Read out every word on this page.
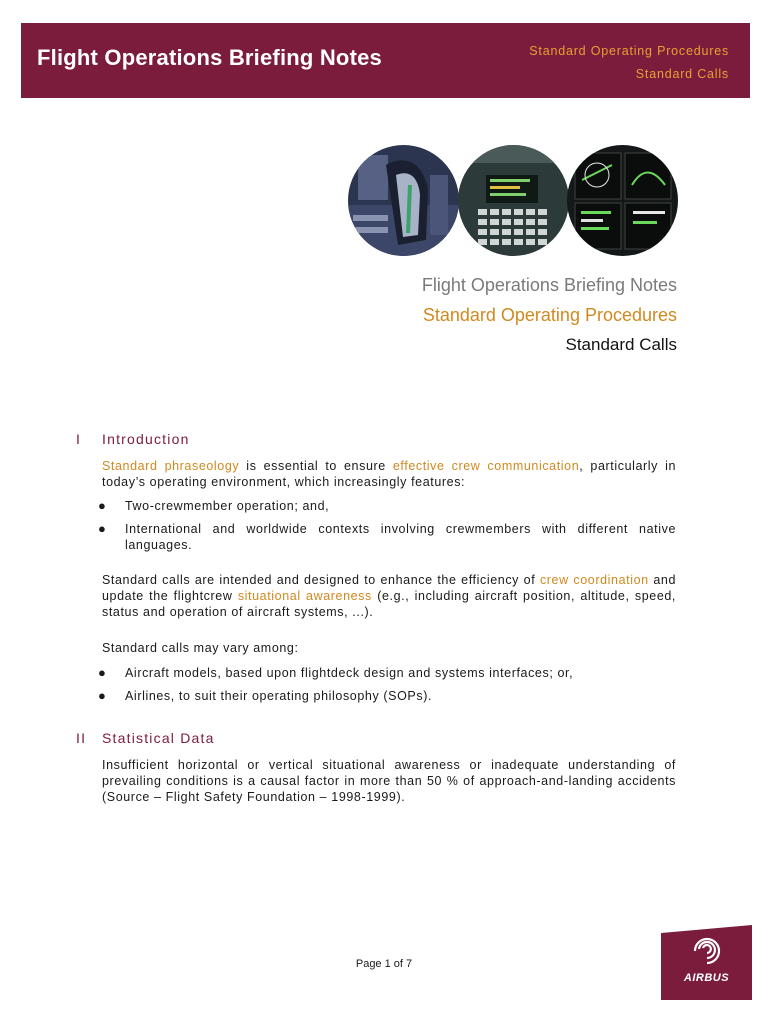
Flight Operations Briefing Notes	Standard Operating Procedures
Standard Calls
Flight Operations Briefing Notes
Standard Operating Procedures
Standard Calls
I Introduction
Standard phraseology is essential to ensure effective crew communication, particularly in today’s operating environment, which increasingly features:
● Two-crewmember operation; and,
● International and worldwide contexts involving crewmembers with different native languages.
Standard calls are intended and designed to enhance the efficiency of crew coordination and update the flightcrew situational awareness (e.g., including aircraft position, altitude, speed, status and operation of aircraft systems, ...).
Standard calls may vary among:
● Aircraft models, based upon flightdeck design and systems interfaces; or,
● Airlines, to suit their operating philosophy (SOPs).
II Statistical Data
Insufficient horizontal or vertical situational awareness or inadequate understanding of prevailing conditions is a causal factor in more than 50 % of approach-and-landing accidents (Source – Flight Safety Foundation – 1998-1999).
Page 1 of 7
AIRBUS
